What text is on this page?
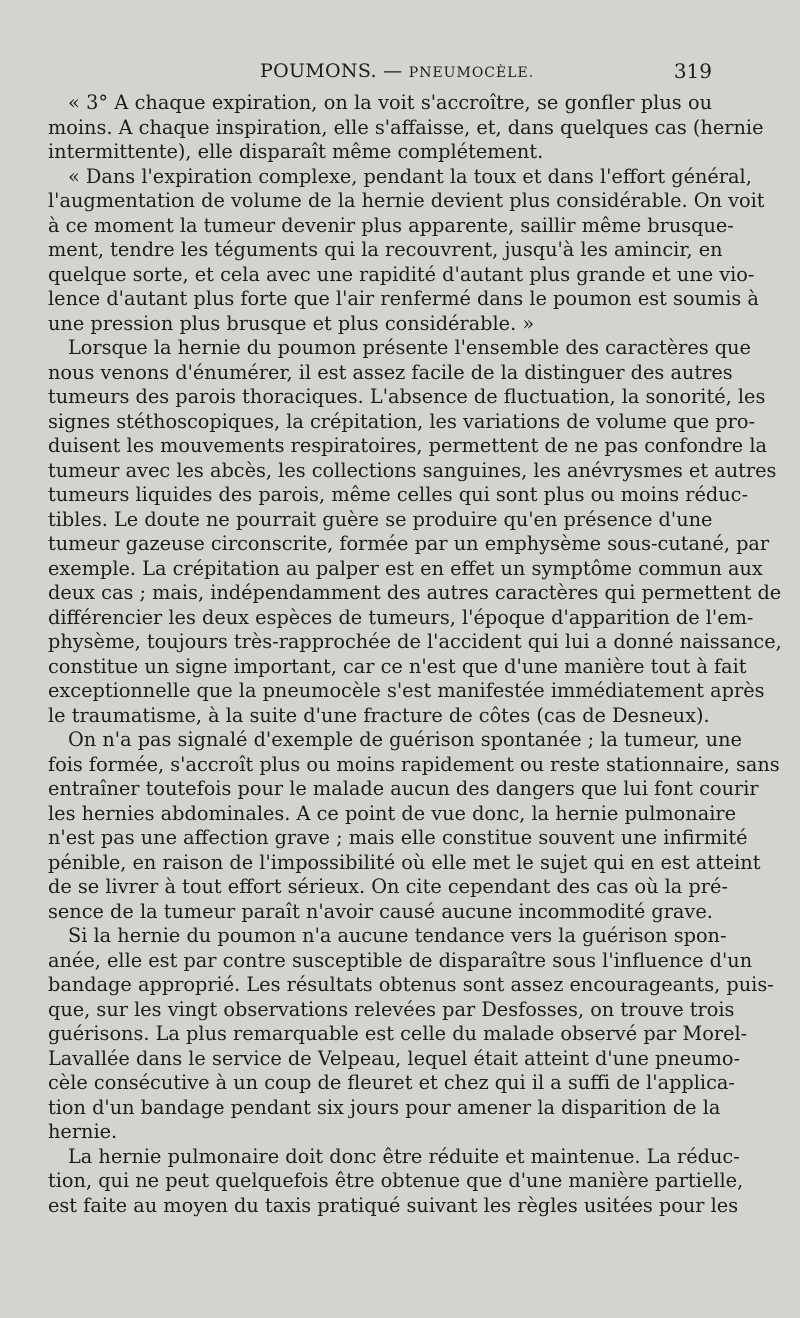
POUMONS. — PNEUMOCÈLE.	319
« 3° A chaque expiration, on la voit s'accroître, se gonfler plus ou
moins. A chaque inspiration, elle s'affaisse, et, dans quelques cas (hernie
intermittente), elle disparaît même complétement.
« Dans l'expiration complexe, pendant la toux et dans l'effort général,
l'augmentation de volume de la hernie devient plus considérable. On voit
à ce moment la tumeur devenir plus apparente, saillir même brusque-
ment, tendre les téguments qui la recouvrent, jusqu'à les amincir, en
quelque sorte, et cela avec une rapidité d'autant plus grande et une vio-
lence d'autant plus forte que l'air renfermé dans le poumon est soumis à
une pression plus brusque et plus considérable. »
Lorsque la hernie du poumon présente l'ensemble des caractères que
nous venons d'énumérer, il est assez facile de la distinguer des autres
tumeurs des parois thoraciques. L'absence de fluctuation, la sonorité, les
signes stéthoscopiques, la crépitation, les variations de volume que pro-
duisent les mouvements respiratoires, permettent de ne pas confondre la
tumeur avec les abcès, les collections sanguines, les anévrysmes et autres
tumeurs liquides des parois, même celles qui sont plus ou moins réduc-
tibles. Le doute ne pourrait guère se produire qu'en présence d'une
tumeur gazeuse circonscrite, formée par un emphysème sous-cutané, par
exemple. La crépitation au palper est en effet un symptôme commun aux
deux cas ; mais, indépendamment des autres caractères qui permettent de
différencier les deux espèces de tumeurs, l'époque d'apparition de l'em-
physème, toujours très-rapprochée de l'accident qui lui a donné naissance,
constitue un signe important, car ce n'est que d'une manière tout à fait
exceptionnelle que la pneumocèle s'est manifestée immédiatement après
le traumatisme, à la suite d'une fracture de côtes (cas de Desneux).
On n'a pas signalé d'exemple de guérison spontanée ; la tumeur, une
fois formée, s'accroît plus ou moins rapidement ou reste stationnaire, sans
entraîner toutefois pour le malade aucun des dangers que lui font courir
les hernies abdominales. A ce point de vue donc, la hernie pulmonaire
n'est pas une affection grave ; mais elle constitue souvent une infirmité
pénible, en raison de l'impossibilité où elle met le sujet qui en est atteint
de se livrer à tout effort sérieux. On cite cependant des cas où la pré-
sence de la tumeur paraît n'avoir causé aucune incommodité grave.
Si la hernie du poumon n'a aucune tendance vers la guérison spon-
anée, elle est par contre susceptible de disparaître sous l'influence d'un
bandage approprié. Les résultats obtenus sont assez encourageants, puis-
que, sur les vingt observations relevées par Desfosses, on trouve trois
guérisons. La plus remarquable est celle du malade observé par Morel-
Lavallée dans le service de Velpeau, lequel était atteint d'une pneumo-
cèle consécutive à un coup de fleuret et chez qui il a suffi de l'applica-
tion d'un bandage pendant six jours pour amener la disparition de la
hernie.
La hernie pulmonaire doit donc être réduite et maintenue. La réduc-
tion, qui ne peut quelquefois être obtenue que d'une manière partielle,
est faite au moyen du taxis pratiqué suivant les règles usitées pour les
